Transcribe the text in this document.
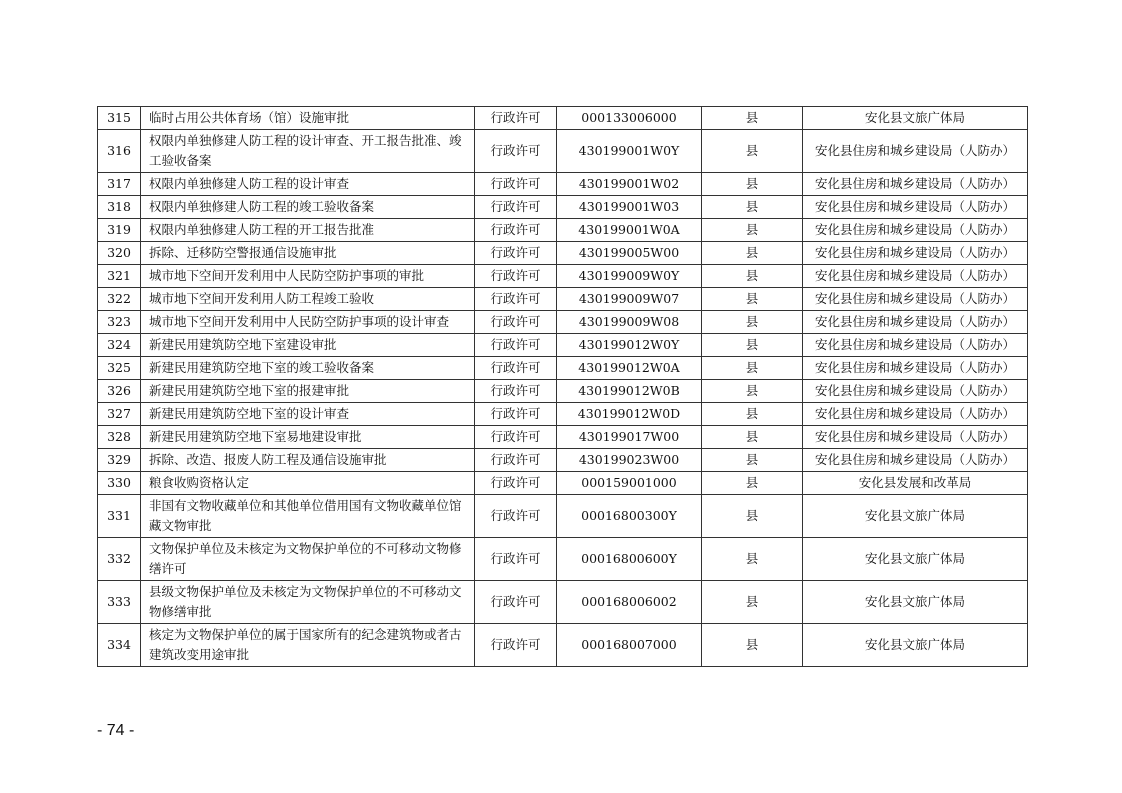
315	临时占用公共体育场（馆）设施审批	行政许可	000133006000	县	安化县文旅广体局
316	权限内单独修建人防工程的设计审查、开工报告批准、竣工验收备案	行政许可	430199001W0Y	县	安化县住房和城乡建设局（人防办）
317	权限内单独修建人防工程的设计审查	行政许可	430199001W02	县	安化县住房和城乡建设局（人防办）
318	权限内单独修建人防工程的竣工验收备案	行政许可	430199001W03	县	安化县住房和城乡建设局（人防办）
319	权限内单独修建人防工程的开工报告批准	行政许可	430199001W0A	县	安化县住房和城乡建设局（人防办）
320	拆除、迁移防空警报通信设施审批	行政许可	430199005W00	县	安化县住房和城乡建设局（人防办）
321	城市地下空间开发利用中人民防空防护事项的审批	行政许可	430199009W0Y	县	安化县住房和城乡建设局（人防办）
322	城市地下空间开发利用人防工程竣工验收	行政许可	430199009W07	县	安化县住房和城乡建设局（人防办）
323	城市地下空间开发利用中人民防空防护事项的设计审查	行政许可	430199009W08	县	安化县住房和城乡建设局（人防办）
324	新建民用建筑防空地下室建设审批	行政许可	430199012W0Y	县	安化县住房和城乡建设局（人防办）
325	新建民用建筑防空地下室的竣工验收备案	行政许可	430199012W0A	县	安化县住房和城乡建设局（人防办）
326	新建民用建筑防空地下室的报建审批	行政许可	430199012W0B	县	安化县住房和城乡建设局（人防办）
327	新建民用建筑防空地下室的设计审查	行政许可	430199012W0D	县	安化县住房和城乡建设局（人防办）
328	新建民用建筑防空地下室易地建设审批	行政许可	430199017W00	县	安化县住房和城乡建设局（人防办）
329	拆除、改造、报废人防工程及通信设施审批	行政许可	430199023W00	县	安化县住房和城乡建设局（人防办）
330	粮食收购资格认定	行政许可	000159001000	县	安化县发展和改革局
331	非国有文物收藏单位和其他单位借用国有文物收藏单位馆藏文物审批	行政许可	00016800300Y	县	安化县文旅广体局
332	文物保护单位及未核定为文物保护单位的不可移动文物修缮许可	行政许可	00016800600Y	县	安化县文旅广体局
333	县级文物保护单位及未核定为文物保护单位的不可移动文物修缮审批	行政许可	000168006002	县	安化县文旅广体局
334	核定为文物保护单位的属于国家所有的纪念建筑物或者古建筑改变用途审批	行政许可	000168007000	县	安化县文旅广体局
- 74 -
